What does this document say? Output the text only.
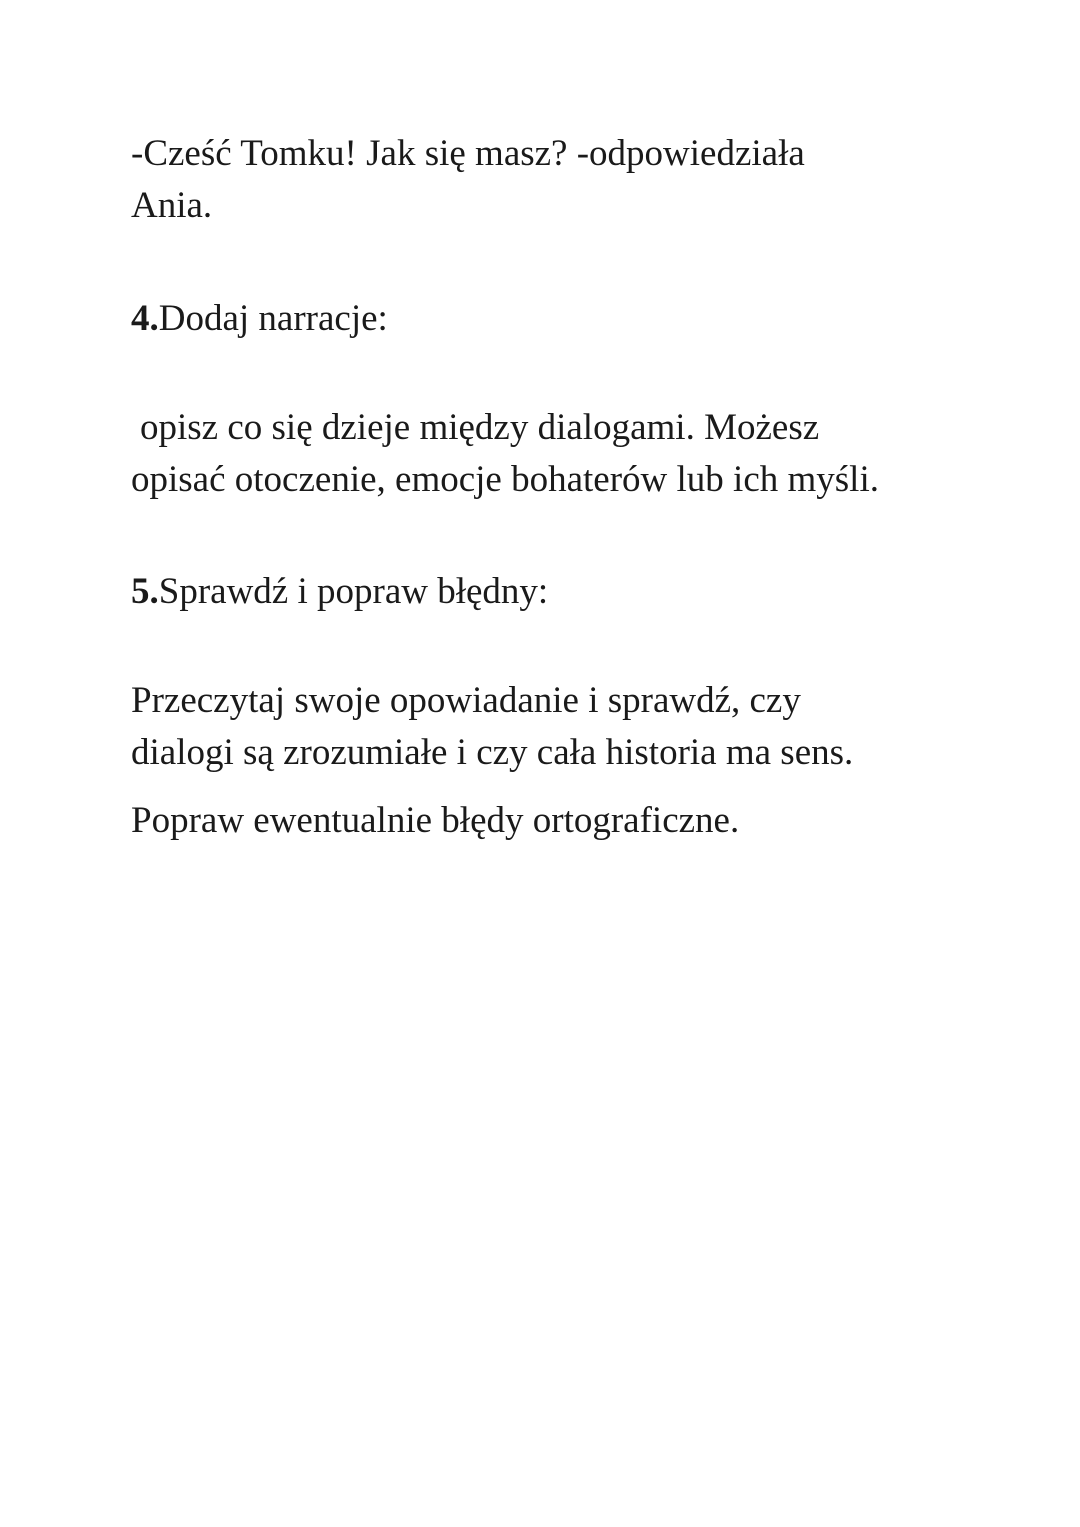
-Cześć Tomku! Jak się masz? -odpowiedziała

Ania.

4.Dodaj narracje:

opisz co się dzieje między dialogami. Możesz

opisać otoczenie, emocje bohaterów lub ich myśli.

5.Sprawdź i popraw błędny:

Przeczytaj swoje opowiadanie i sprawdź, czy

dialogi są zrozumiałe i czy cała historia ma sens.

Popraw ewentualnie błędy ortograficzne.
